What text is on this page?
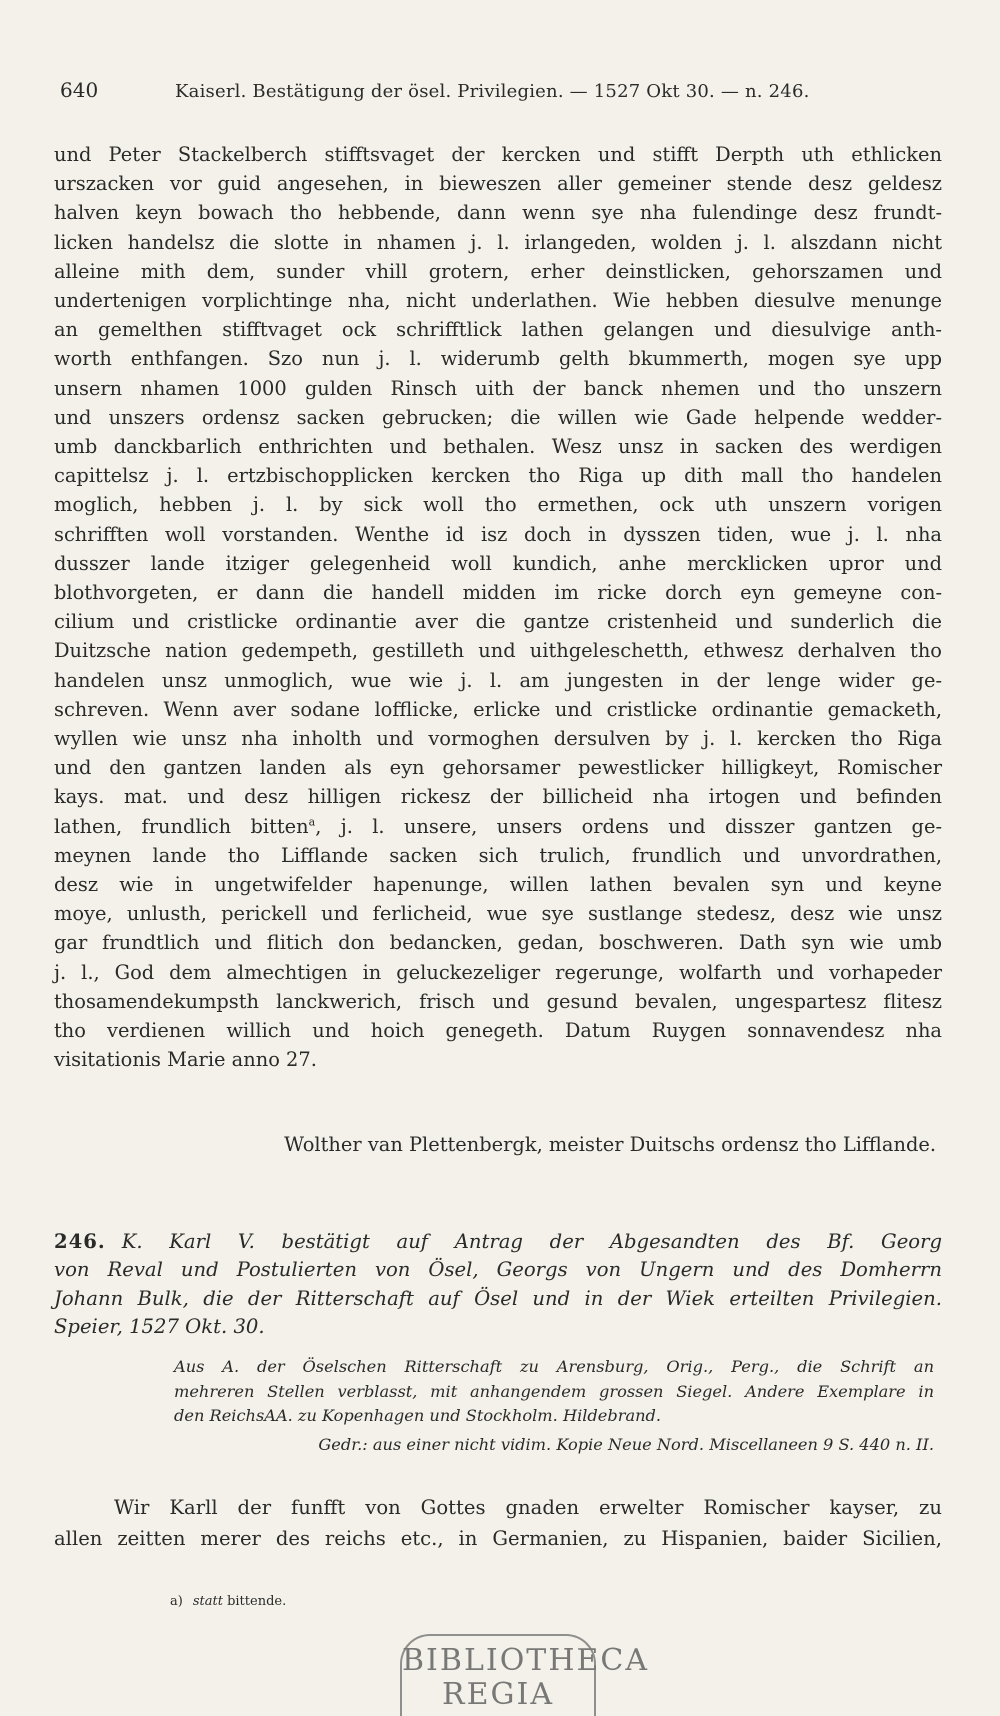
640	Kaiserl. Bestätigung der ösel. Privilegien. — 1527 Okt 30. — n. 246.
und Peter Stackelberch stifftsvaget der kercken und stifft Derpth uth ethlicken
urszacken vor guid angesehen, in bieweszen aller gemeiner stende desz geldesz
halven keyn bowach tho hebbende, dann wenn sye nha fulendinge desz frundt-
licken handelsz die slotte in nhamen j. l. irlangeden, wolden j. l. alszdann nicht
alleine mith dem, sunder vhill grotern, erher deinstlicken, gehorszamen und
undertenigen vorplichtinge nha, nicht underlathen. Wie hebben diesulve menunge
an gemelthen stifftvaget ock schrifftlick lathen gelangen und diesulvige anth-
worth enthfangen. Szo nun j. l. widerumb gelth bkummerth, mogen sye upp
unsern nhamen 1000 gulden Rinsch uith der banck nhemen und tho unszern
und unszers ordensz sacken gebrucken; die willen wie Gade helpende wedder-
umb danckbarlich enthrichten und bethalen. Wesz unsz in sacken des werdigen
capittelsz j. l. ertzbischopplicken kercken tho Riga up dith mall tho handelen
moglich, hebben j. l. by sick woll tho ermethen, ock uth unszern vorigen
schrifften woll vorstanden. Wenthe id isz doch in dysszen tiden, wue j. l. nha
dusszer lande itziger gelegenheid woll kundich, anhe mercklicken upror und
blothvorgeten, er dann die handell midden im ricke dorch eyn gemeyne con-
cilium und cristlicke ordinantie aver die gantze cristenheid und sunderlich die
Duitzsche nation gedempeth, gestilleth und uithgeleschetth, ethwesz derhalven tho
handelen unsz unmoglich, wue wie j. l. am jungesten in der lenge wider ge-
schreven. Wenn aver sodane lofflicke, erlicke und cristlicke ordinantie gemacketh,
wyllen wie unsz nha inholth und vormoghen dersulven by j. l. kercken tho Riga
und den gantzen landen als eyn gehorsamer pewestlicker hilligkeyt, Romischer
kays. mat. und desz hilligen rickesz der billicheid nha irtogen und befinden
lathen, frundlich bitten$^a$, j. l. unsere, unsers ordens und disszer gantzen ge-
meynen lande tho Lifflande sacken sich trulich, frundlich und unvordrathen,
desz wie in ungetwifelder hapenunge, willen lathen bevalen syn und keyne
moye, unlusth, perickell und ferlicheid, wue sye sustlange stedesz, desz wie unsz
gar frundtlich und flitich don bedancken, gedan, boschweren. Dath syn wie umb
j. l., God dem almechtigen in geluckezeliger regerunge, wolfarth und vorhapeder
thosamendekumpsth lanckwerich, frisch und gesund bevalen, ungespartesz flitesz
tho verdienen willich und hoich genegeth. Datum Ruygen sonnavendesz nha
visitationis Marie anno 27.
Wolther van Plettenbergk, meister Duitschs ordensz tho Lifflande.
246. K. Karl V. bestätigt auf Antrag der Abgesandten des Bf. Georg
von Reval und Postulierten von Ösel, Georgs von Ungern und des Domherrn
Johann Bulk, die der Ritterschaft auf Ösel und in der Wiek erteilten Privilegien.
Speier, 1527 Okt. 30.
Aus A. der Öselschen Ritterschaft zu Arensburg, Orig., Perg., die Schrift an
mehreren Stellen verblasst, mit anhangendem grossen Siegel. Andere Exemplare in
den ReichsAA. zu Kopenhagen und Stockholm. Hildebrand.
Gedr.: aus einer nicht vidim. Kopie Neue Nord. Miscellaneen 9 S. 440 n. II.
Wir Karll der funfft von Gottes gnaden erwelter Romischer kayser, zu
allen zeitten merer des reichs etc., in Germanien, zu Hispanien, baider Sicilien,
a) statt bittende.
BIBLIOTHECA
REGIA
